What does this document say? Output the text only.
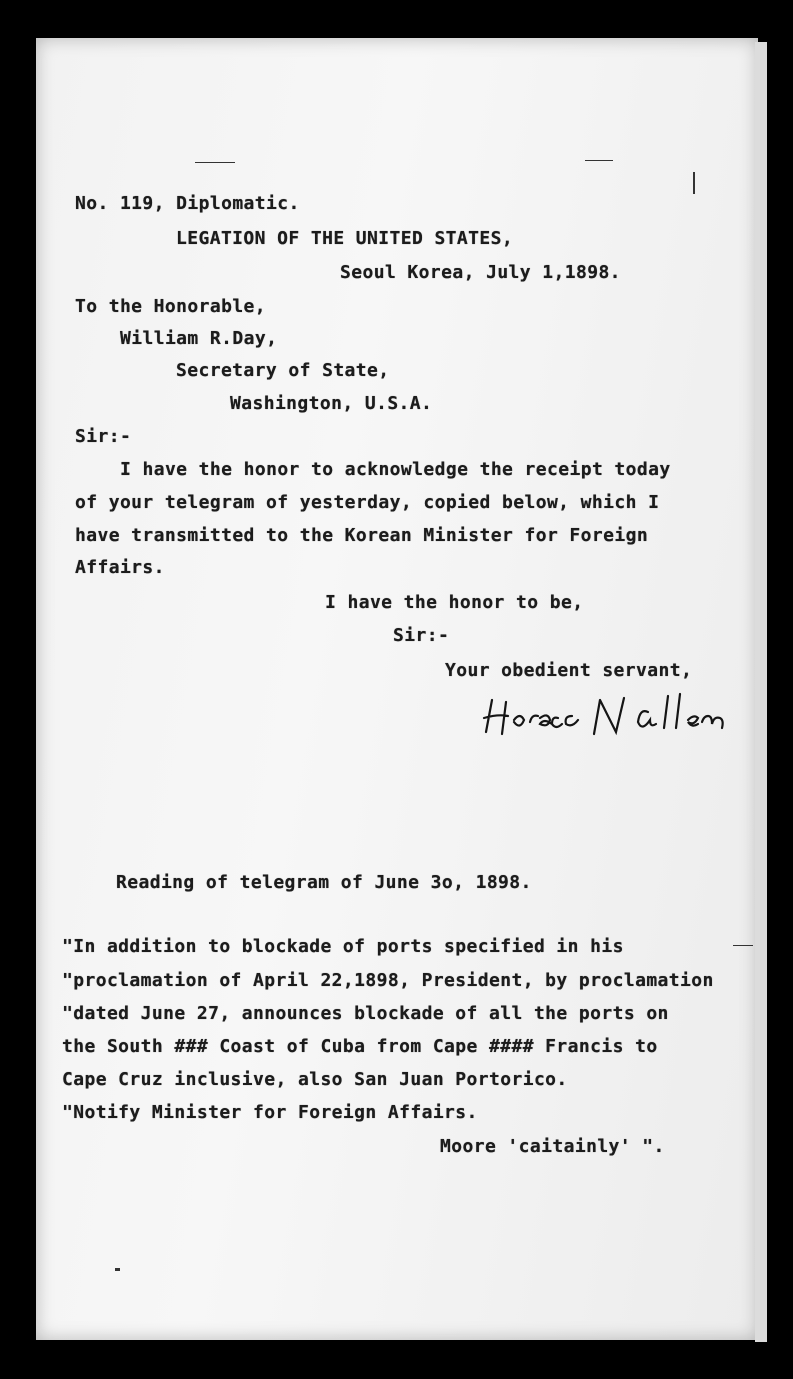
No. 119, Diplomatic.
LEGATION OF THE UNITED STATES,
Seoul Korea, July 1,1898.
To the Honorable,
William R.Day,
Secretary of State,
Washington, U.S.A.
Sir:-
I have the honor to acknowledge the receipt today
of your telegram of yesterday, copied below, which I
have transmitted to the Korean Minister for Foreign
Affairs.
I have the honor to be,
Sir:-
Your obedient servant,
Reading of telegram of June 3o, 1898.
"In addition to blockade of ports specified in his
"proclamation of April 22,1898, President, by proclamation
"dated June 27, announces blockade of all the ports on
the South ### Coast of Cuba from Cape #### Francis to
Cape Cruz inclusive, also San Juan Portorico.
"Notify Minister for Foreign Affairs.
Moore 'caitainly' ".
